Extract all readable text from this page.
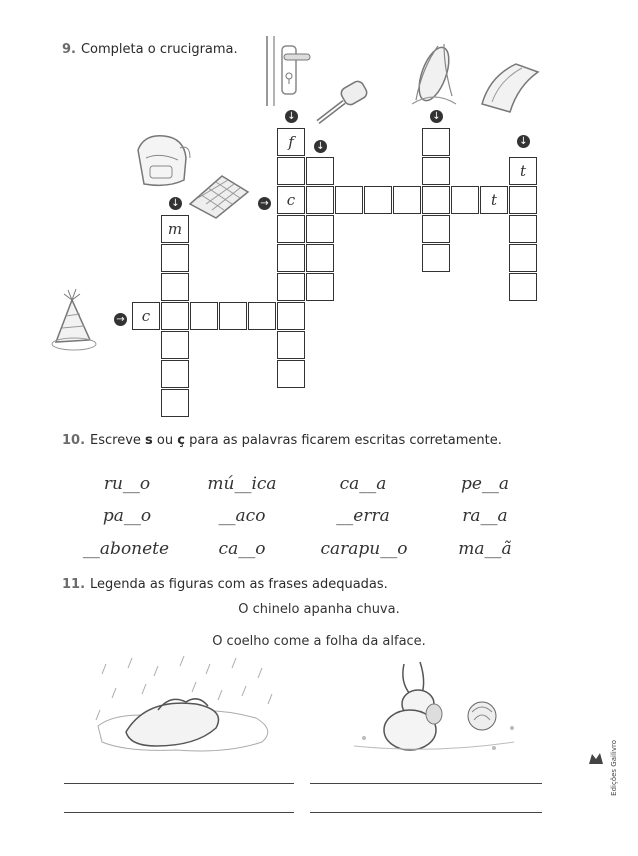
9. Completa o crucigrama.
↓
↓
↓
↓
↓	→
→
f
c	t
t
m
c
10. Escreve s ou ç para as palavras ficarem escritas corretamente.
ru__o	mú__ica	ca__a	pe__a
pa__o	__aco	__erra	ra__a
__abonete	ca__o	carapu__o	ma__ã
11. Legenda as figuras com as frases adequadas.
O chinelo apanha chuva.
O coelho come a folha da alface.
Edições Gailivro
